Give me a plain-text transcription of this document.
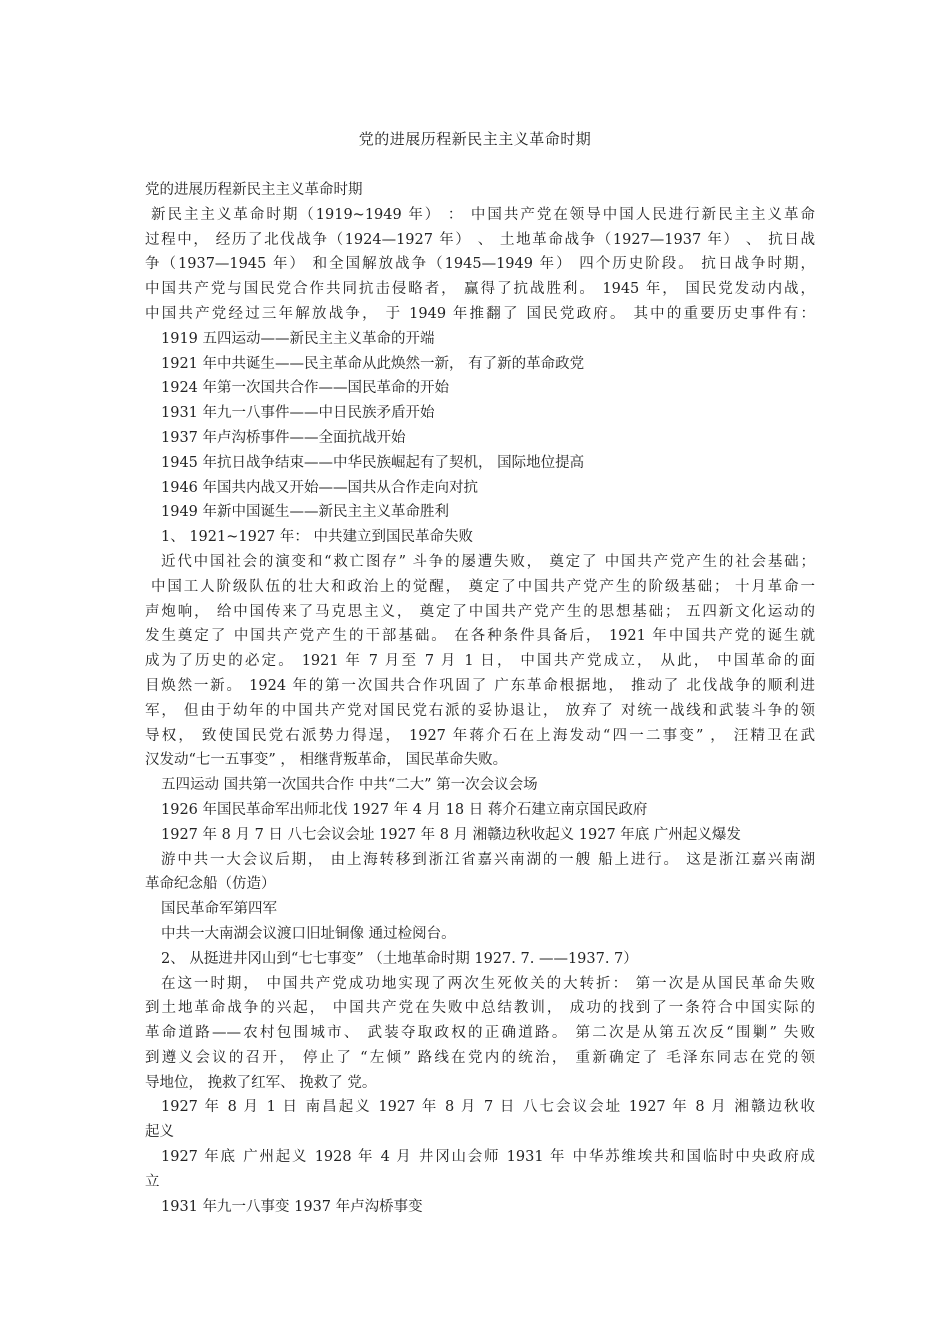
党的进展历程新民主主义革命时期
党的进展历程新民主主义革命时期
新民主主义革命时期（1919~1949 年） ： 中国共产党在领导中国人民进行新民主主义革命
过程中， 经历了北伐战争（1924—1927 年） 、 土地革命战争（1927—1937 年） 、 抗日战
争（1937—1945 年） 和全国解放战争（1945—1949 年） 四个历史阶段。 抗日战争时期，
中国共产党与国民党合作共同抗击侵略者， 赢得了抗战胜利。 1945 年， 国民党发动内战，
中国共产党经过三年解放战争， 于 1949 年推翻了 国民党政府。 其中的重要历史事件有：
1919 五四运动——新民主主义革命的开端
1921 年中共诞生——民主革命从此焕然一新， 有了新的革命政党
1924 年第一次国共合作——国民革命的开始
1931 年九一八事件——中日民族矛盾开始
1937 年卢沟桥事件——全面抗战开始
1945 年抗日战争结束——中华民族崛起有了契机， 国际地位提高
1946 年国共内战又开始——国共从合作走向对抗
1949 年新中国诞生——新民主主义革命胜利
1、 1921~1927 年： 中共建立到国民革命失败
近代中国社会的演变和“救亡图存” 斗争的屡遭失败， 奠定了 中国共产党产生的社会基础；
中国工人阶级队伍的壮大和政治上的觉醒， 奠定了中国共产党产生的阶级基础； 十月革命一
声炮响， 给中国传来了马克思主义， 奠定了中国共产党产生的思想基础； 五四新文化运动的
发生奠定了 中国共产党产生的干部基础。 在各种条件具备后， 1921 年中国共产党的诞生就
成为了历史的必定。 1921 年 7 月至 7 月 1 日， 中国共产党成立， 从此， 中国革命的面
目焕然一新。 1924 年的第一次国共合作巩固了 广东革命根据地， 推动了 北伐战争的顺利进
军， 但由于幼年的中国共产党对国民党右派的妥协退让， 放弃了 对统一战线和武装斗争的领
导权， 致使国民党右派势力得逞， 1927 年蒋介石在上海发动“四一二事变” ， 汪精卫在武
汉发动“七一五事变” ， 相继背叛革命， 国民革命失败。
五四运动 国共第一次国共合作 中共“二大” 第一次会议会场
1926 年国民革命军出师北伐 1927 年 4 月 18 日 蒋介石建立南京国民政府
1927 年 8 月 7 日 八七会议会址 1927 年 8 月 湘赣边秋收起义 1927 年底 广州起义爆发
游中共一大会议后期， 由上海转移到浙江省嘉兴南湖的一艘 船上进行。 这是浙江嘉兴南湖
革命纪念船（仿造）
国民革命军第四军
中共一大南湖会议渡口旧址铜像 通过检阅台。
2、 从挺进井冈山到“七七事变” （土地革命时期 1927. 7. ——1937. 7）
在这一时期， 中国共产党成功地实现了两次生死攸关的大转折： 第一次是从国民革命失败
到土地革命战争的兴起， 中国共产党在失败中总结教训， 成功的找到了一条符合中国实际的
革命道路——农村包围城市、 武装夺取政权的正确道路。 第二次是从第五次反“围剿” 失败
到遵义会议的召开， 停止了 “左倾” 路线在党内的统治， 重新确定了 毛泽东同志在党的领
导地位， 挽救了红军、 挽救了 党。
1927 年 8 月 1 日 南昌起义 1927 年 8 月 7 日 八七会议会址 1927 年 8 月 湘赣边秋收
起义
1927 年底 广州起义 1928 年 4 月 井冈山会师 1931 年 中华苏维埃共和国临时中央政府成
立
1931 年九一八事变 1937 年卢沟桥事变
